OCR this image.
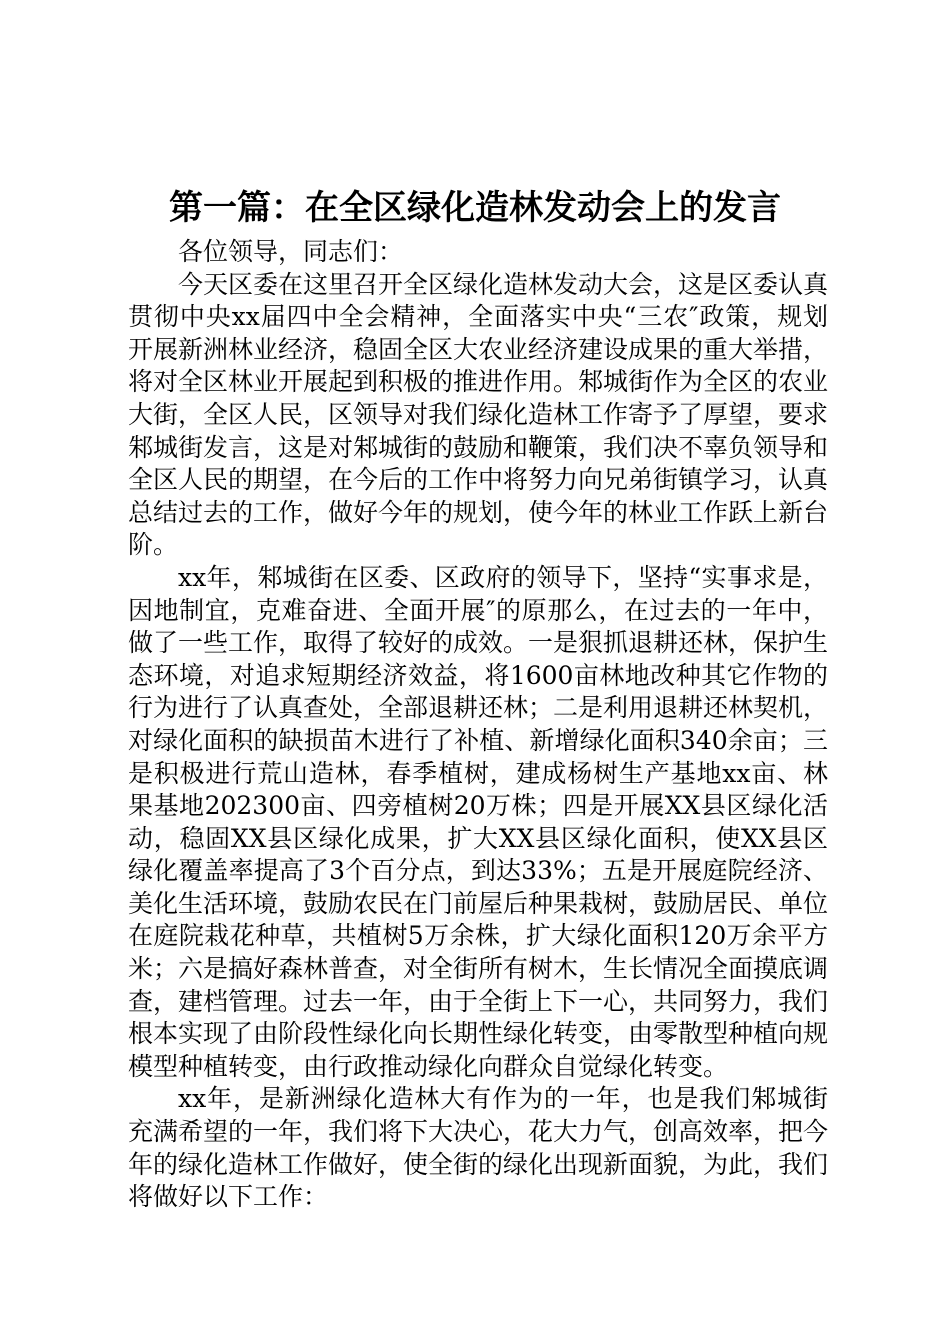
第一篇：在全区绿化造林发动会上的发言

各位领导，同志们：

今天区委在这里召开全区绿化造林发动大会，这是区委认真贯彻中央xx届四中全会精神，全面落实中央“三农″政策，规划开展新洲林业经济，稳固全区大农业经济建设成果的重大举措，将对全区林业开展起到积极的推进作用。邾城街作为全区的农业大街，全区人民，区领导对我们绿化造林工作寄予了厚望，要求邾城街发言，这是对邾城街的鼓励和鞭策，我们决不辜负领导和全区人民的期望，在今后的工作中将努力向兄弟街镇学习，认真总结过去的工作，做好今年的规划，使今年的林业工作跃上新台阶。

xx年，邾城街在区委、区政府的领导下，坚持“实事求是，因地制宜，克难奋进、全面开展″的原那么，在过去的一年中，做了一些工作，取得了较好的成效。一是狠抓退耕还林，保护生态环境，对追求短期经济效益，将1600亩林地改种其它作物的行为进行了认真查处，全部退耕还林；二是利用退耕还林契机，对绿化面积的缺损苗木进行了补植、新增绿化面积340余亩；三是积极进行荒山造林，春季植树，建成杨树生产基地xx亩、林果基地202300亩、四旁植树20万株；四是开展XX县区绿化活动，稳固XX县区绿化成果，扩大XX县区绿化面积，使XX县区绿化覆盖率提高了3个百分点，到达33%；五是开展庭院经济、美化生活环境，鼓励农民在门前屋后种果栽树，鼓励居民、单位在庭院栽花种草，共植树5万余株，扩大绿化面积120万余平方米；六是搞好森林普查，对全街所有树木，生长情况全面摸底调查，建档管理。过去一年，由于全街上下一心，共同努力，我们根本实现了由阶段性绿化向长期性绿化转变，由零散型种植向规模型种植转变，由行政推动绿化向群众自觉绿化转变。

xx年，是新洲绿化造林大有作为的一年，也是我们邾城街充满希望的一年，我们将下大决心，花大力气，创高效率，把今年的绿化造林工作做好，使全街的绿化出现新面貌，为此，我们将做好以下工作：
